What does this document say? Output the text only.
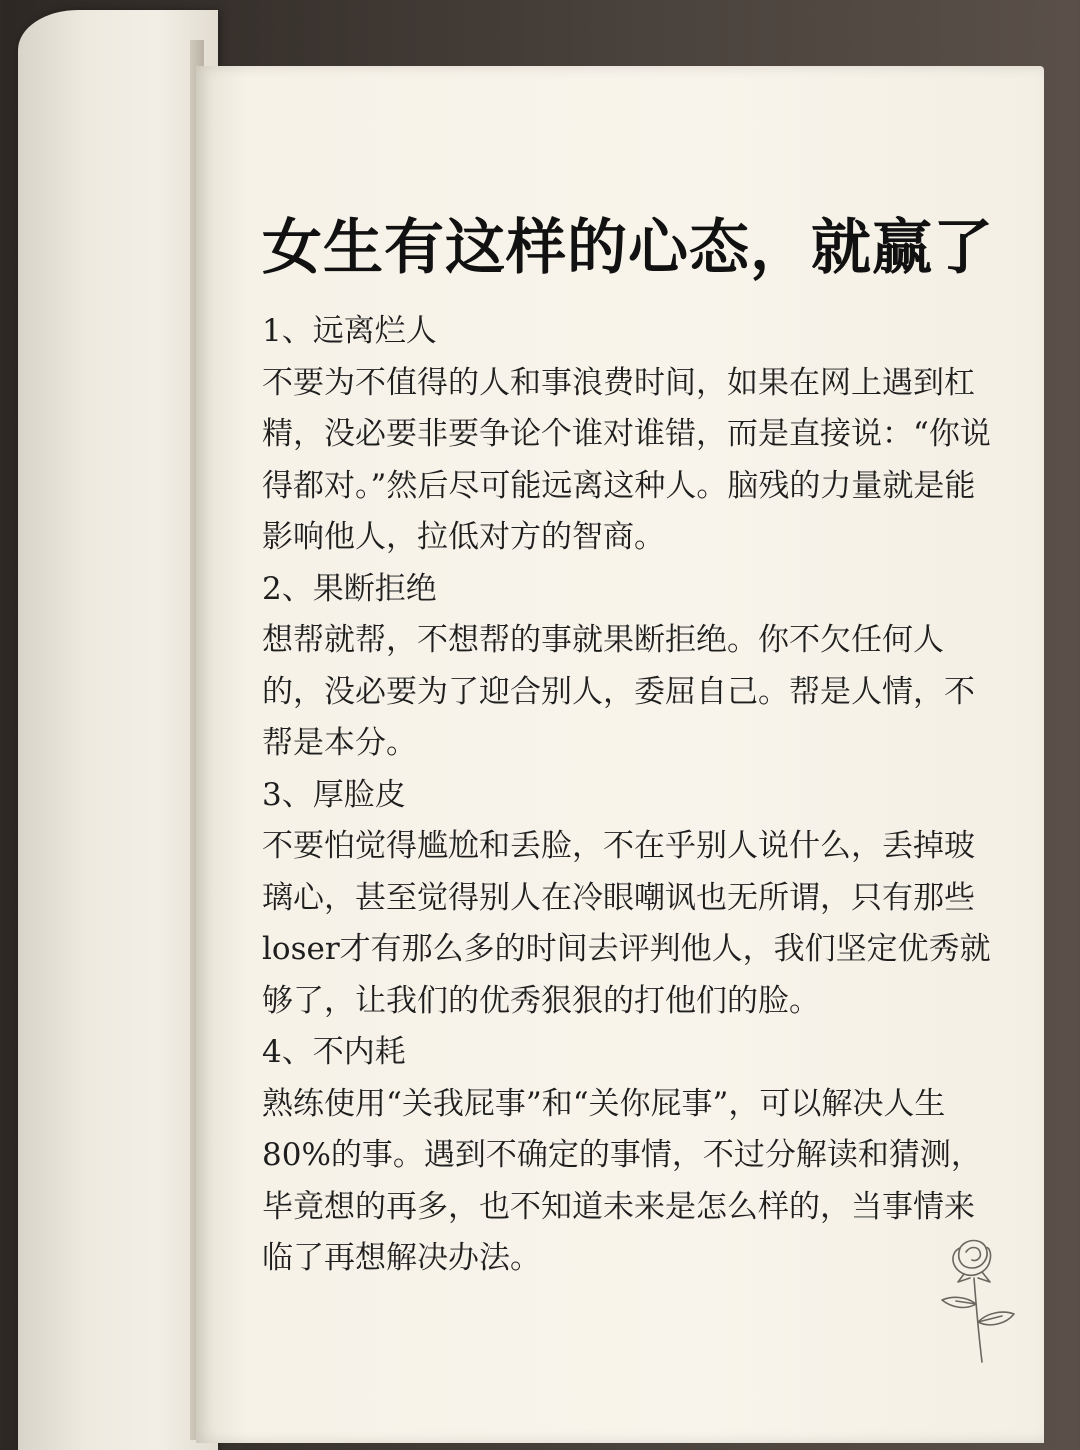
女生有这样的心态，就赢了

1、远离烂人

不要为不值得的人和事浪费时间，如果在网上遇到杠精，没必要非要争论个谁对谁错，而是直接说：“你说得都对。”然后尽可能远离这种人。脑残的力量就是能影响他人，拉低对方的智商。

2、果断拒绝

想帮就帮，不想帮的事就果断拒绝。你不欠任何人的，没必要为了迎合别人，委屈自己。帮是人情，不帮是本分。

3、厚脸皮

不要怕觉得尴尬和丢脸，不在乎别人说什么，丢掉玻璃心，甚至觉得别人在冷眼嘲讽也无所谓，只有那些loser才有那么多的时间去评判他人，我们坚定优秀就够了，让我们的优秀狠狠的打他们的脸。

4、不内耗

熟练使用“关我屁事”和“关你屁事”，可以解决人生80%的事。遇到不确定的事情，不过分解读和猜测，毕竟想的再多，也不知道未来是怎么样的，当事情来临了再想解决办法。
